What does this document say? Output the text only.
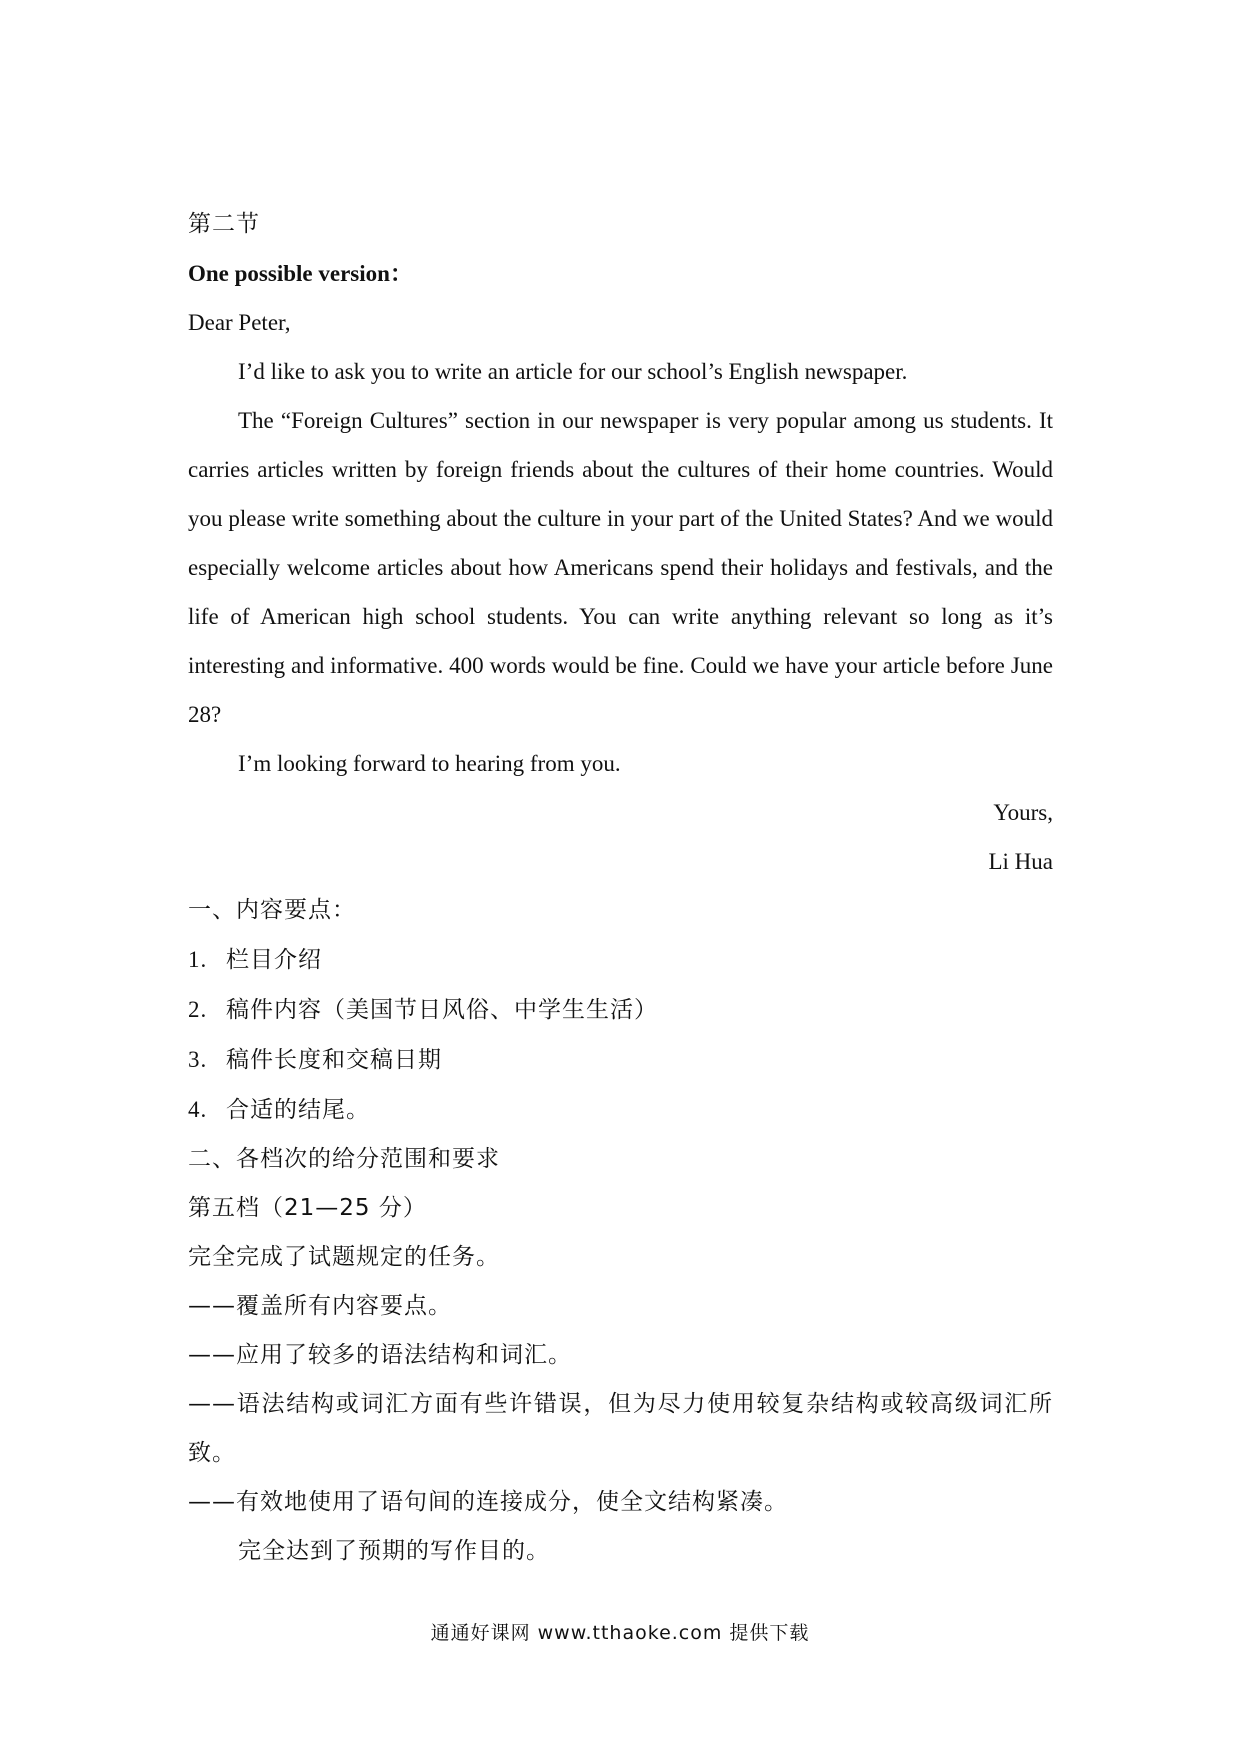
第二节

One possible version：

Dear Peter,

I’d like to ask you to write an article for our school’s English newspaper.

The “Foreign Cultures” section in our newspaper is very popular among us students. It carries articles written by foreign friends about the cultures of their home countries. Would you please write something about the culture in your part of the United States? And we would especially welcome articles about how Americans spend their holidays and festivals, and the life of American high school students. You can write anything relevant so long as it’s interesting and informative. 400 words would be fine. Could we have your article before June 28?

I’m looking forward to hearing from you.

Yours,

Li Hua

一、内容要点：

1. 栏目介绍

2. 稿件内容（美国节日风俗、中学生生活）

3. 稿件长度和交稿日期

4. 合适的结尾。

二、各档次的给分范围和要求

第五档（21—25 分）

完全完成了试题规定的任务。

——覆盖所有内容要点。

——应用了较多的语法结构和词汇。

——语法结构或词汇方面有些许错误，但为尽力使用较复杂结构或较高级词汇所致。

——有效地使用了语句间的连接成分，使全文结构紧凑。

完全达到了预期的写作目的。

通通好课网 www.tthaoke.com 提供下载
